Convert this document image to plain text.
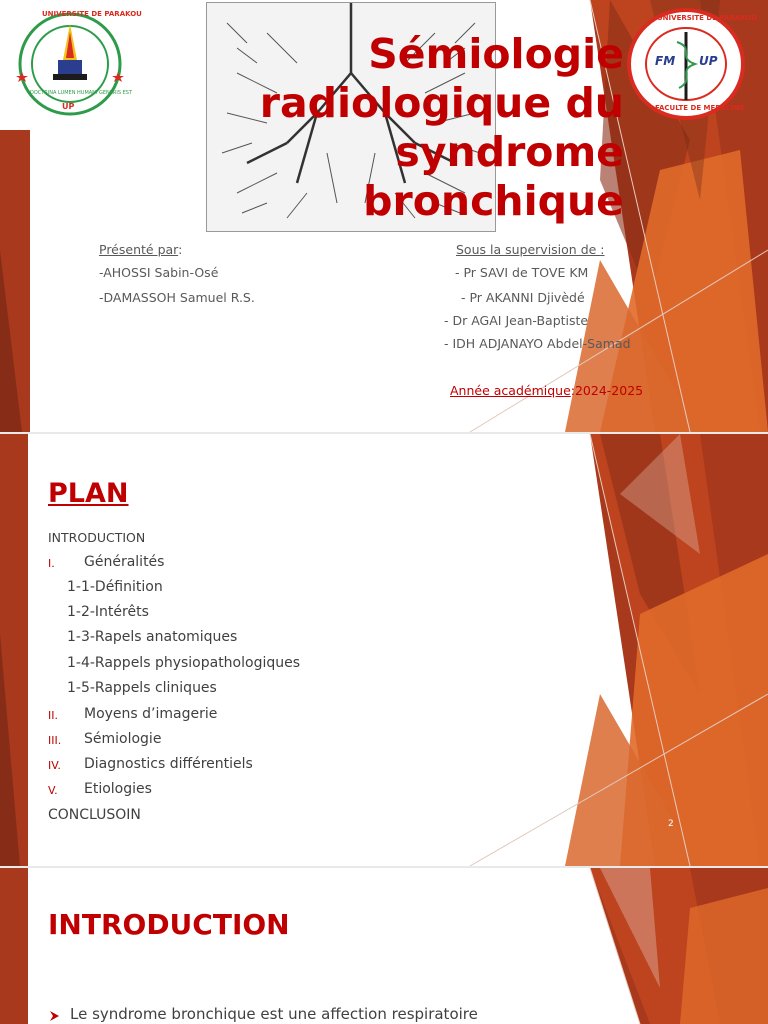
UNIVERSITE DE PARAKOU
DOCTRINA LUMEN HUMANI GENERIS EST
UP
UNIVERSITE DE PARAKOU
FACULTE DE MEDECINE
FM UP
Sémiologie radiologique du syndrome bronchique
Présenté par:
-AHOSSI Sabin-Osé
-DAMASSOH Samuel R.S.
Sous la supervision de :
- Pr SAVI de TOVE KM
- Pr AKANNI Djivèdé
- Dr AGAI Jean-Baptiste
- IDH ADJANAYO Abdel-Samad
Année académique:2024-2025
PLAN
INTRODUCTION
I. Généralités
1-1-Définition
1-2-Intérêts
1-3-Rapels anatomiques
1-4-Rappels physiopathologiques
1-5-Rappels cliniques
II. Moyens d’imagerie
III. Sémiologie
IV. Diagnostics différentiels
V. Etiologies
CONCLUSOIN
2
INTRODUCTION
Le syndrome bronchique est une affection respiratoire
